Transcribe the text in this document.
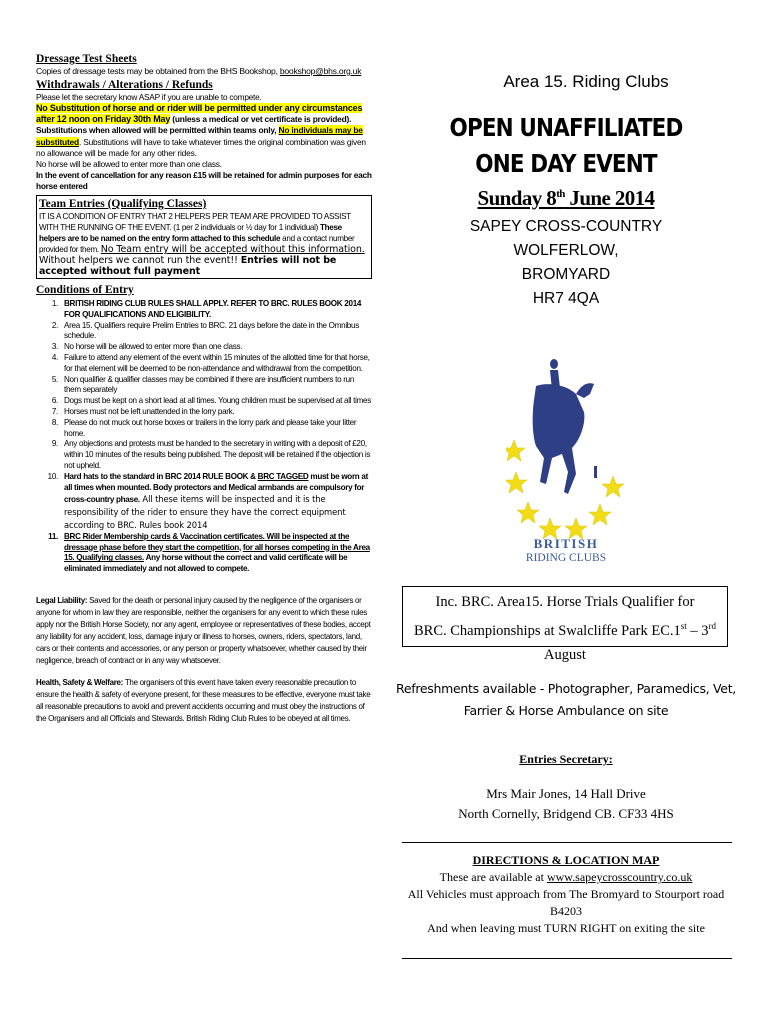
Dressage Test Sheets

Copies of dressage tests may be obtained from the BHS Bookshop, bookshop@bhs.org.uk

Withdrawals / Alterations / Refunds

Please let the secretary know ASAP if you are unable to compete.
No Substitution of horse and or rider will be permitted under any circumstances after 12 noon on Friday 30th May (unless a medical or vet certificate is provided). Substitutions when allowed will be permitted within teams only, No individuals may be substituted. Substitutions will have to take whatever times the original combination was given no allowance will be made for any other rides.
No horse will be allowed to enter more than one class.
In the event of cancellation for any reason £15 will be retained for admin purposes for each horse entered

Team Entries (Qualifying Classes)

IT IS A CONDITION OF ENTRY THAT 2 HELPERS PER TEAM ARE PROVIDED TO ASSIST WITH THE RUNNING OF THE EVENT. (1 per 2 individuals or ½ day for 1 individual) These helpers are to be named on the entry form attached to this schedule and a contact number provided for them. No Team entry will be accepted without this information. Without helpers we cannot run the event!! Entries will not be accepted without full payment

Conditions of Entry

1. BRITISH RIDING CLUB RULES SHALL APPLY. REFER TO BRC. RULES BOOK 2014 FOR QUALIFICATIONS AND ELIGIBILITY.
2. Area 15. Qualifiers require Prelim Entries to BRC. 21 days before the date in the Omnibus schedule.
3. No horse will be allowed to enter more than one class.
4. Failure to attend any element of the event within 15 minutes of the allotted time for that horse, for that element will be deemed to be non-attendance and withdrawal from the competition.
5. Non qualifier & qualifier classes may be combined if there are insufficient numbers to run them separately
6. Dogs must be kept on a short lead at all times. Young children must be supervised at all times
7. Horses must not be left unattended in the lorry park.
8. Please do not muck out horse boxes or trailers in the lorry park and please take your litter home.
9. Any objections and protests must be handed to the secretary in writing with a deposit of £20, within 10 minutes of the results being published. The deposit will be retained if the objection is not upheld.
10. Hard hats to the standard in BRC 2014 RULE BOOK & BRC TAGGED must be worn at all times when mounted. Body protectors and Medical armbands are compulsory for cross-country phase. All these items will be inspected and it is the responsibility of the rider to ensure they have the correct equipment according to BRC. Rules book 2014
11. BRC Rider Membership cards & Vaccination certificates. Will be inspected at the dressage phase before they start the competition, for all horses competing in the Area 15. Qualifying classes. Any horse without the correct and valid certificate will be eliminated immediately and not allowed to compete.

Legal Liability: Saved for the death or personal injury caused by the negligence of the organisers or anyone for whom in law they are responsible, neither the organisers for any event to which these rules apply nor the British Horse Society, nor any agent, employee or representatives of these bodies, accept any liability for any accident, loss, damage injury or illness to horses, owners, riders, spectators, land, cars or their contents and accessories, or any person or property whatsoever, whether caused by their negligence, breach of contract or in any way whatsoever.

Health, Safety & Welfare: The organisers of this event have taken every reasonable precaution to ensure the health & safety of everyone present, for these measures to be effective, everyone must take all reasonable precautions to avoid and prevent accidents occurring and must obey the instructions of the Organisers and all Officials and Stewards. British Riding Club Rules to be obeyed at all times.

Area 15. Riding Clubs
OPEN UNAFFILIATED
ONE DAY EVENT
Sunday 8th June 2014
SAPEY CROSS-COUNTRY
WOLFERLOW,
BROMYARD
HR7 4QA
BRITISH
RIDING CLUBS
Inc. BRC. Area15. Horse Trials Qualifier for
BRC. Championships at Swalcliffe Park EC.1st – 3rd August
Refreshments available - Photographer, Paramedics, Vet,
Farrier & Horse Ambulance on site
Entries Secretary:
Mrs Mair Jones, 14 Hall Drive
North Cornelly, Bridgend CB. CF33 4HS
DIRECTIONS & LOCATION MAP
These are available at www.sapeycrosscountry.co.uk
All Vehicles must approach from The Bromyard to Stourport road B4203
And when leaving must TURN RIGHT on exiting the site
